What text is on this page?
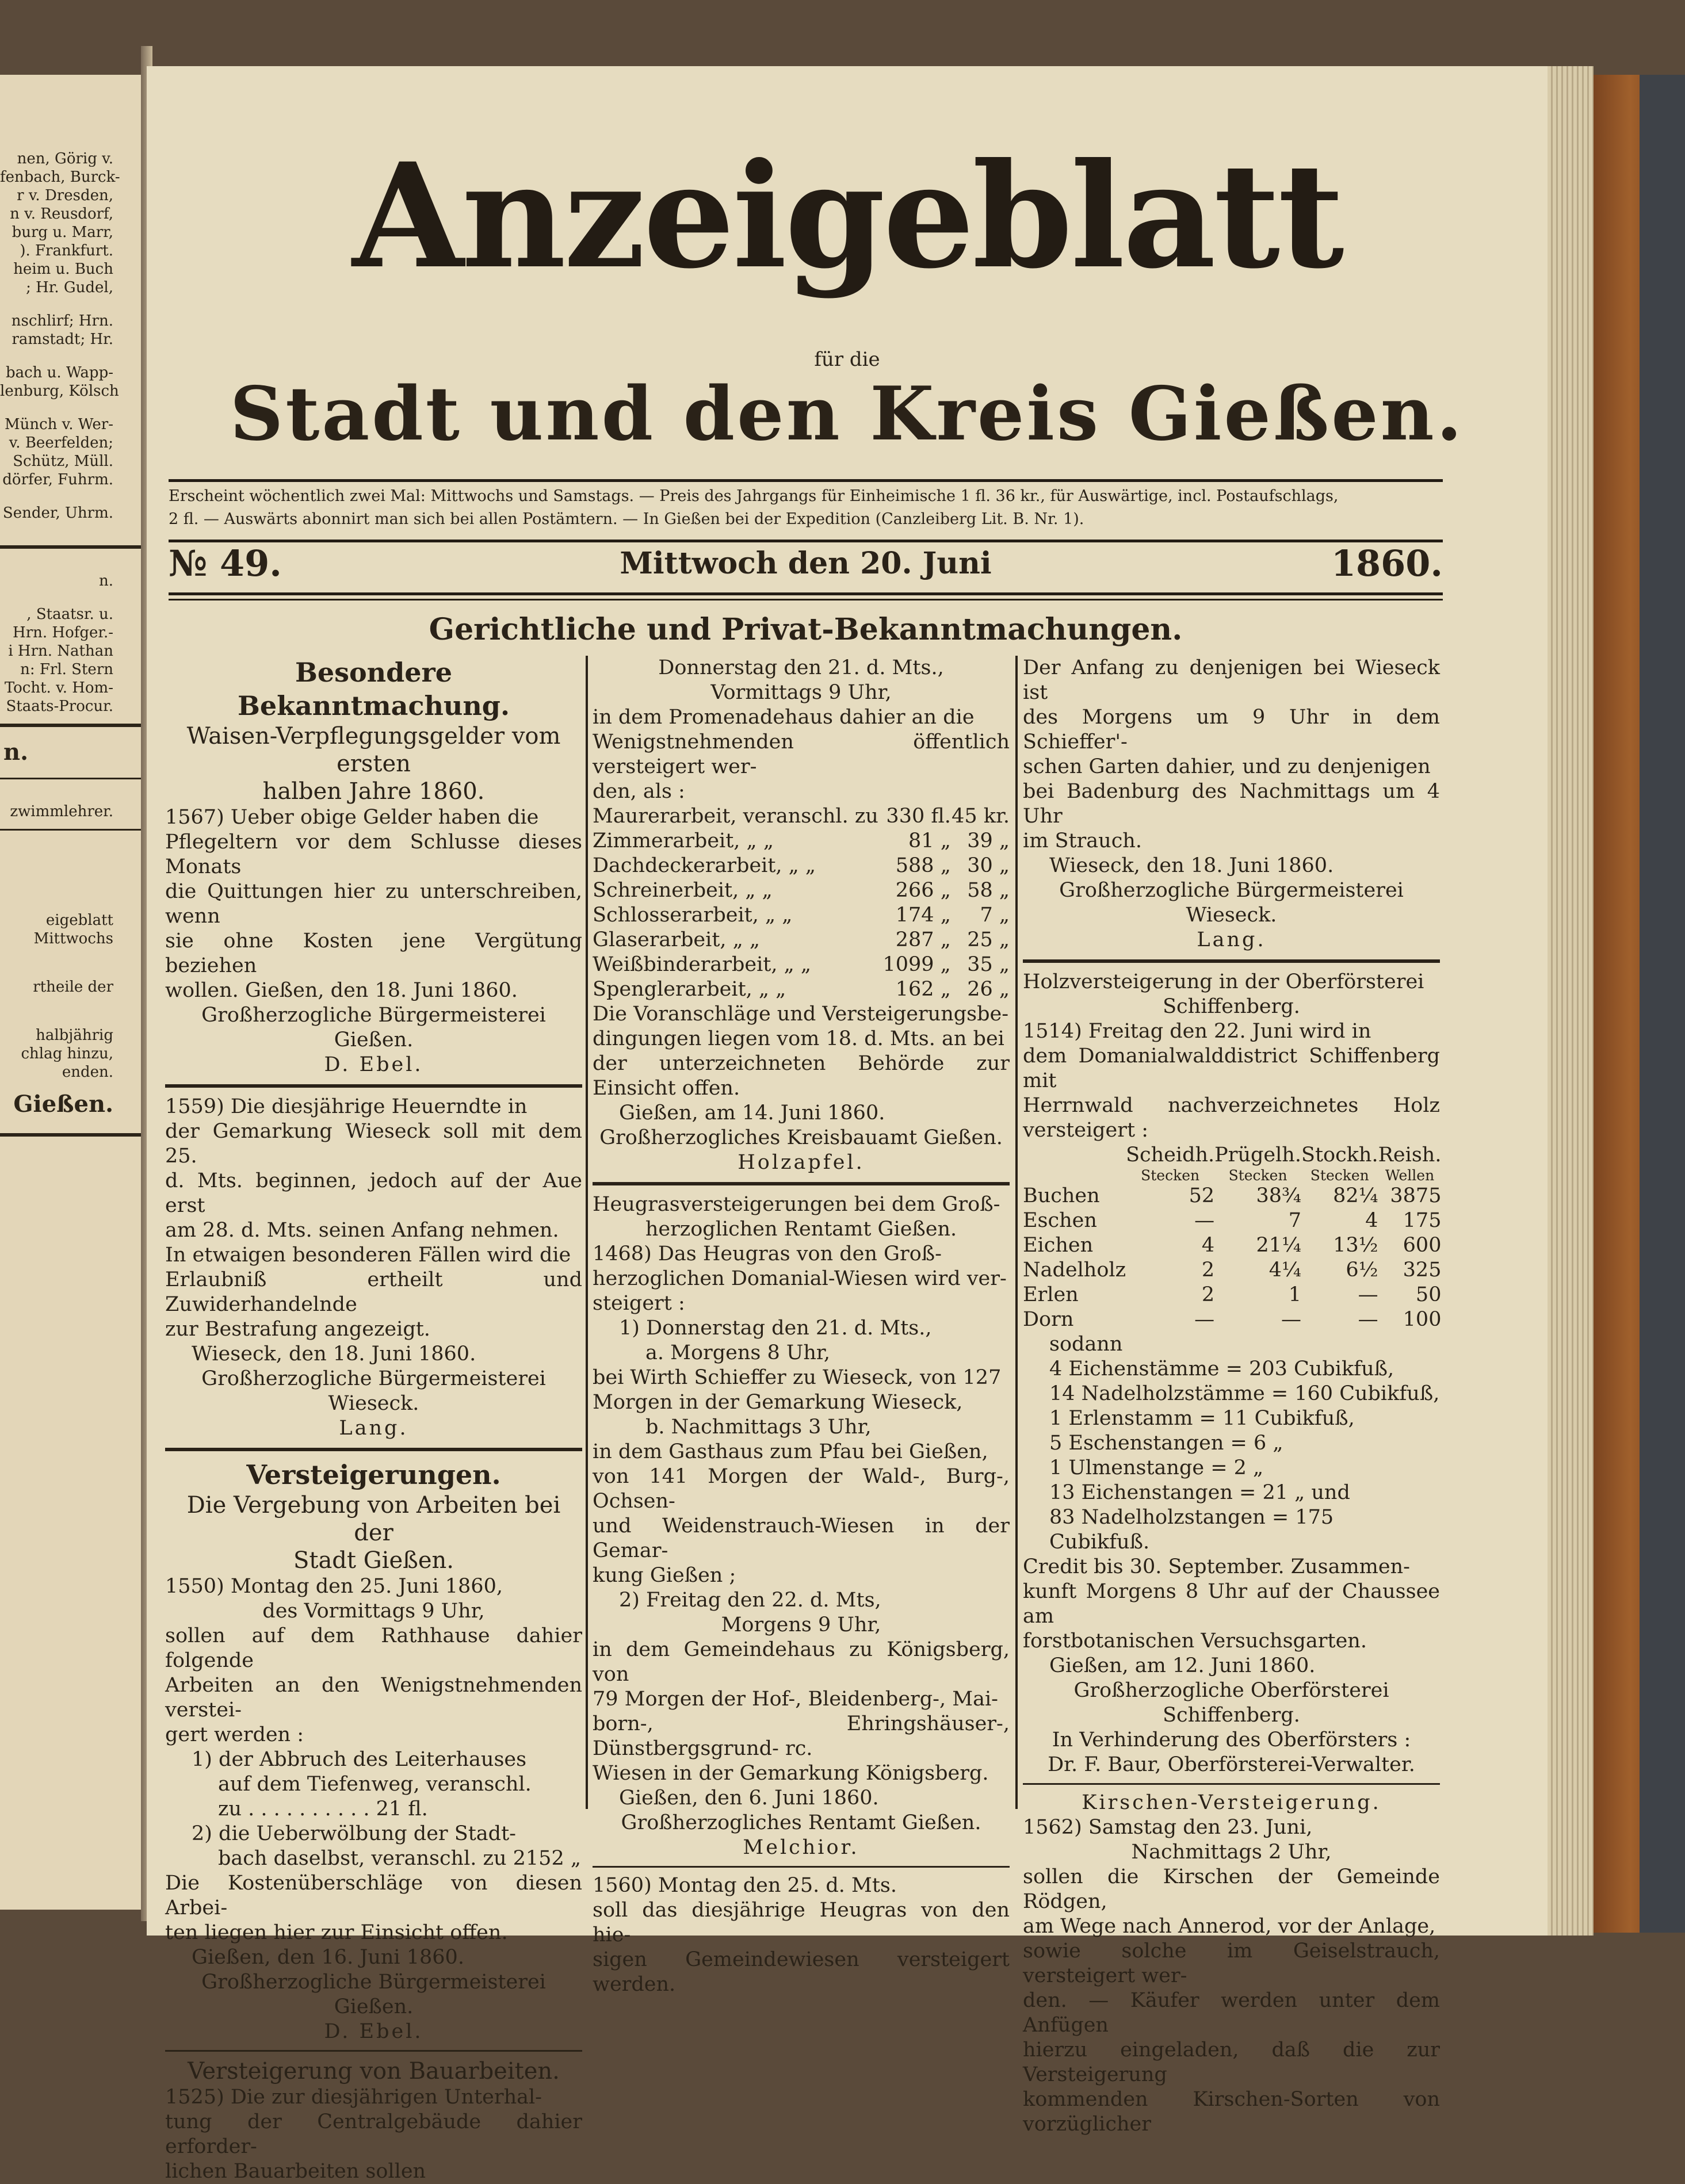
nen, Görig v.
fenbach, Burck-
r v. Dresden,
n v. Reusdorf,
burg u. Marr,
). Frankfurt.
heim u. Buch
; Hr. Gudel,
nschlirf; Hrn.
ramstadt; Hr.
bach u. Wapp-
lenburg, Kölsch
Münch v. Wer-
v. Beerfelden;
Schütz, Müll.
dörfer, Fuhrm.
Sender, Uhrm.
n.
, Staatsr. u.
Hrn. Hofger.-
i Hrn. Nathan
n: Frl. Stern
Tocht. v. Hom-
Staats-Procur.
n.
zwimmlehrer.
eigeblatt
Mittwochs
rtheile der
halbjährig
chlag hinzu,
enden.
Gießen.
Anzeigeblatt
für die
Stadt und den Kreis Gießen.
Erscheint wöchentlich zwei Mal: Mittwochs und Samstags. — Preis des Jahrgangs für Einheimische 1 fl. 36 kr., für Auswärtige, incl. Postaufschlags,
2 fl. — Auswärts abonnirt man sich bei allen Postämtern. — In Gießen bei der Expedition (Canzleiberg Lit. B. Nr. 1).
№ 49.	Mittwoch den 20. Juni	1860.
Gerichtliche und Privat-Bekanntmachungen.

Besondere Bekanntmachung.

Waisen-Verpflegungsgelder vom ersten

halben Jahre 1860.

1567) Ueber obige Gelder haben die

Pflegeltern vor dem Schlusse dieses Monats

die Quittungen hier zu unterschreiben, wenn

sie ohne Kosten jene Vergütung beziehen

wollen. Gießen, den 18. Juni 1860.

Großherzogliche Bürgermeisterei Gießen.

D. Ebel.

1559) Die diesjährige Heuerndte in

der Gemarkung Wieseck soll mit dem 25.

d. Mts. beginnen, jedoch auf der Aue erst

am 28. d. Mts. seinen Anfang nehmen.

In etwaigen besonderen Fällen wird die

Erlaubniß ertheilt und Zuwiderhandelnde

zur Bestrafung angezeigt.

Wieseck, den 18. Juni 1860.

Großherzogliche Bürgermeisterei Wieseck.

Lang.

Versteigerungen.

Die Vergebung von Arbeiten bei der

Stadt Gießen.

1550) Montag den 25. Juni 1860,

des Vormittags 9 Uhr,

sollen auf dem Rathhause dahier folgende

Arbeiten an den Wenigstnehmenden verstei-

gert werden :

1) der Abbruch des Leiterhauses

auf dem Tiefenweg, veranschl.

zu . . . . . . . . . . 21 fl.

2) die Ueberwölbung der Stadt-

bach daselbst, veranschl. zu 2152 „

Die Kostenüberschläge von diesen Arbei-

ten liegen hier zur Einsicht offen.

Gießen, den 16. Juni 1860.

Großherzogliche Bürgermeisterei Gießen.

D. Ebel.

Versteigerung von Bauarbeiten.

1525) Die zur diesjährigen Unterhal-

tung der Centralgebäude dahier erforder-

lichen Bauarbeiten sollen

Donnerstag den 21. d. Mts.,

Vormittags 9 Uhr,

in dem Promenadehaus dahier an die

Wenigstnehmenden öffentlich versteigert wer-

den, als :

Maurerarbeit, veranschl. zu	330 fl.	45 kr.
Zimmerarbeit, „ „	81 „	39 „
Dachdeckerarbeit, „ „	588 „	30 „
Schreinerbeit, „ „	266 „	58 „
Schlosserarbeit, „ „	174 „	7 „
Glaserarbeit, „ „	287 „	25 „
Weißbinderarbeit, „ „	1099 „	35 „
Spenglerarbeit, „ „	162 „	26 „

Die Voranschläge und Versteigerungsbe-

dingungen liegen vom 18. d. Mts. an bei

der unterzeichneten Behörde zur Einsicht offen.

Gießen, am 14. Juni 1860.

Großherzogliches Kreisbauamt Gießen.

Holzapfel.

Heugrasversteigerungen bei dem Groß-

herzoglichen Rentamt Gießen.

1468) Das Heugras von den Groß-

herzoglichen Domanial-Wiesen wird ver-

steigert :

1) Donnerstag den 21. d. Mts.,

a. Morgens 8 Uhr,

bei Wirth Schieffer zu Wieseck, von 127

Morgen in der Gemarkung Wieseck,

b. Nachmittags 3 Uhr,

in dem Gasthaus zum Pfau bei Gießen,

von 141 Morgen der Wald-, Burg-, Ochsen-

und Weidenstrauch-Wiesen in der Gemar-

kung Gießen ;

2) Freitag den 22. d. Mts,

Morgens 9 Uhr,

in dem Gemeindehaus zu Königsberg, von

79 Morgen der Hof-, Bleidenberg-, Mai-

born-, Ehringshäuser-, Dünstbergsgrund- rc.

Wiesen in der Gemarkung Königsberg.

Gießen, den 6. Juni 1860.

Großherzogliches Rentamt Gießen.

Melchior.

1560) Montag den 25. d. Mts.

soll das diesjährige Heugras von den hie-

sigen Gemeindewiesen versteigert werden.

Der Anfang zu denjenigen bei Wieseck ist

des Morgens um 9 Uhr in dem Schieffer'-

schen Garten dahier, und zu denjenigen

bei Badenburg des Nachmittags um 4 Uhr

im Strauch.

Wieseck, den 18. Juni 1860.

Großherzogliche Bürgermeisterei Wieseck.

Lang.

Holzversteigerung in der Oberförsterei

Schiffenberg.

1514) Freitag den 22. Juni wird in

dem Domanialwalddistrict Schiffenberg mit

Herrnwald nachverzeichnetes Holz versteigert :

	Scheidh.	Prügelh.	Stockh.	Reish.
	Stecken	Stecken	Stecken	Wellen
Buchen	52	38¾	82¼	3875
Eschen	—	7	4	175
Eichen	4	21¼	13½	600
Nadelholz	2	4¼	6½	325
Erlen	2	1	—	50
Dorn	—	—	—	100

sodann

4 Eichenstämme = 203 Cubikfuß,

14 Nadelholzstämme = 160 Cubikfuß,

1 Erlenstamm = 11 Cubikfuß,

5 Eschenstangen = 6 „

1 Ulmenstange = 2 „

13 Eichenstangen = 21 „ und

83 Nadelholzstangen = 175 Cubikfuß.

Credit bis 30. September. Zusammen-

kunft Morgens 8 Uhr auf der Chaussee am

forstbotanischen Versuchsgarten.

Gießen, am 12. Juni 1860.

Großherzogliche Oberförsterei Schiffenberg.

In Verhinderung des Oberförsters :

Dr. F. Baur, Oberförsterei-Verwalter.

Kirschen-Versteigerung.

1562) Samstag den 23. Juni,

Nachmittags 2 Uhr,

sollen die Kirschen der Gemeinde Rödgen,

am Wege nach Annerod, vor der Anlage,

sowie solche im Geiselstrauch, versteigert wer-

den. — Käufer werden unter dem Anfügen

hierzu eingeladen, daß die zur Versteigerung

kommenden Kirschen-Sorten von vorzüglicher
